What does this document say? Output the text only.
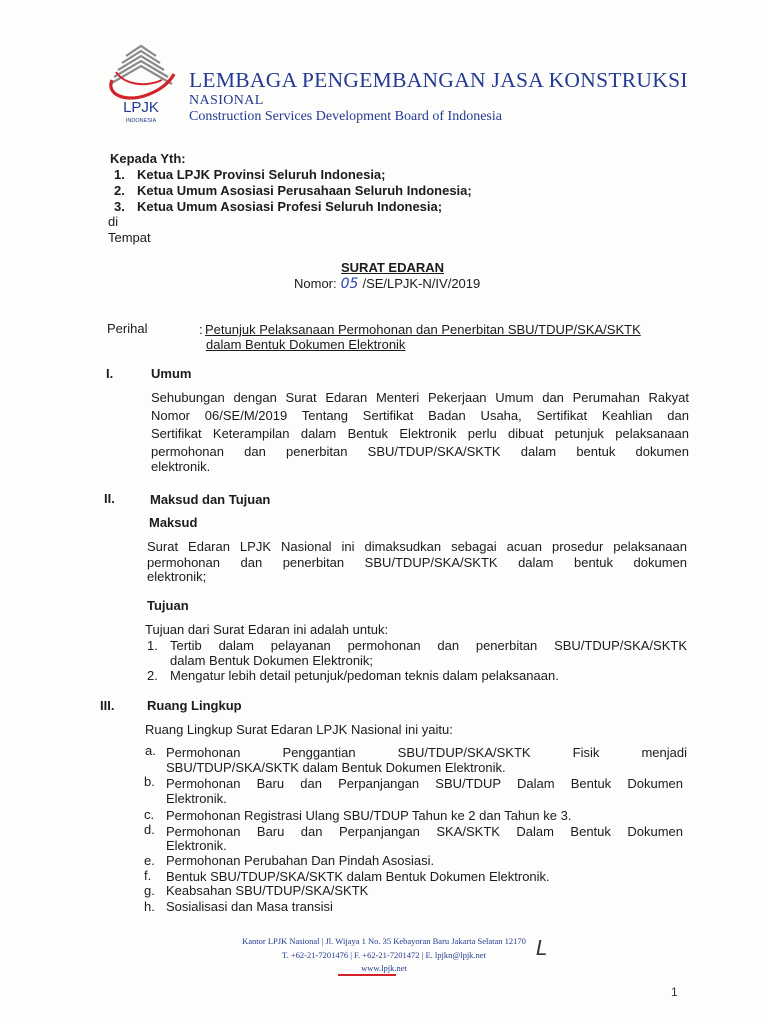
LPJK
INDONESIA
LEMBAGA PENGEMBANGAN JASA KONSTRUKSI
NASIONAL
Construction Services Development Board of Indonesia
Kepada Yth:
1. Ketua LPJK Provinsi Seluruh Indonesia;
2. Ketua Umum Asosiasi Perusahaan Seluruh Indonesia;
3. Ketua Umum Asosiasi Profesi Seluruh Indonesia;
di
Tempat
SURAT EDARAN
Nomor: 05 /SE/LPJK-N/IV/2019
Perihal	: Petunjuk Pelaksanaan Permohonan dan Penerbitan SBU/TDUP/SKA/SKTK
dalam Bentuk Dokumen Elektronik
I.	Umum
Sehubungan dengan Surat Edaran Menteri Pekerjaan Umum dan Perumahan Rakyat
Nomor 06/SE/M/2019 Tentang Sertifikat Badan Usaha, Sertifikat Keahlian dan
Sertifikat Keterampilan dalam Bentuk Elektronik perlu dibuat petunjuk pelaksanaan
permohonan dan penerbitan SBU/TDUP/SKA/SKTK dalam bentuk dokumen
elektronik.
II.	Maksud dan Tujuan
Maksud
Surat Edaran LPJK Nasional ini dimaksudkan sebagai acuan prosedur pelaksanaan
permohonan dan penerbitan SBU/TDUP/SKA/SKTK dalam bentuk dokumen
elektronik;
Tujuan
Tujuan dari Surat Edaran ini adalah untuk:
1. Tertib dalam pelayanan permohonan dan penerbitan SBU/TDUP/SKA/SKTK
dalam Bentuk Dokumen Elektronik;
2. Mengatur lebih detail petunjuk/pedoman teknis dalam pelaksanaan.
III.	Ruang Lingkup
Ruang Lingkup Surat Edaran LPJK Nasional ini yaitu:
a. Permohonan Penggantian SBU/TDUP/SKA/SKTK Fisik menjadi
SBU/TDUP/SKA/SKTK dalam Bentuk Dokumen Elektronik.
b. Permohonan Baru dan Perpanjangan SBU/TDUP Dalam Bentuk Dokumen
Elektronik.
c. Permohonan Registrasi Ulang SBU/TDUP Tahun ke 2 dan Tahun ke 3.
d. Permohonan Baru dan Perpanjangan SKA/SKTK Dalam Bentuk Dokumen
Elektronik.
e. Permohonan Perubahan Dan Pindah Asosiasi.
f. Bentuk SBU/TDUP/SKA/SKTK dalam Bentuk Dokumen Elektronik.
g. Keabsahan SBU/TDUP/SKA/SKTK
h. Sosialisasi dan Masa transisi
Kantor LPJK Nasional | Jl. Wijaya 1 No. 35 Kebayoran Baru Jakarta Selatan 12170
T. +62-21-7201476 | F. +62-21-7201472 | E. lpjkn@lpjk.net
www.lpjk.net
L
1
